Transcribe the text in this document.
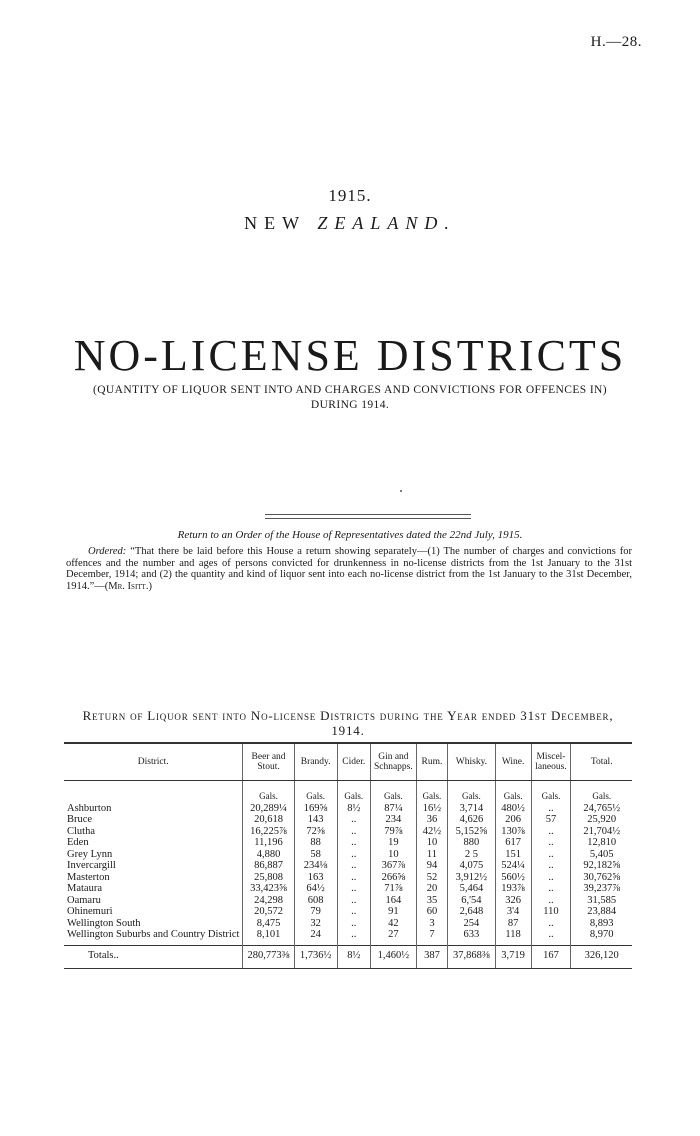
H.—28.
1915.
NEW ZEALAND.
NO-LICENSE DISTRICTS
(QUANTITY OF LIQUOR SENT INTO AND CHARGES AND CONVICTIONS FOR OFFENCES IN)
DURING 1914.
Return to an Order of the House of Representatives dated the 22nd July, 1915.
Ordered: “That there be laid before this House a return showing separately—(1) The number of charges and convictions for offences and the number and ages of persons convicted for drunkenness in no-license districts from the 1st January to the 31st December, 1914; and (2) the quantity and kind of liquor sent into each no-license district from the 1st January to the 31st December, 1914.”—(Mr. Isitt.)
Return of Liquor sent into No-license Districts during the Year ended 31st December,
1914.
District.	Beer and Stout.	Brandy.	Cider.	Gin and Schnapps.	Rum.	Whisky.	Wine.	Miscel-laneous.	Total.
	Gals.	Gals.	Gals.	Gals.	Gals.	Gals.	Gals.	Gals.	Gals.
Ashburton	20,289¼	169⅝	8½	87¼	16½	3,714	480½	..	24,765½
Bruce	20,618	143	..	234	36	4,626	206	57	25,920
Clutha	16,225⅞	72⅝	..	79⅞	42½	5,152⅝	130⅞	..	21,704½
Eden	11,196	88	..	19	10	880	617	..	12,810
Grey Lynn	4,880	58	..	10	11	2 5	151	..	5,405
Invercargill	86,887	234⅛	..	367⅞	94	4,075	524¼	..	92,182⅝
Masterton	25,808	163	..	266⅝	52	3,912½	560½	..	30,762⅝
Mataura	33,423⅝	64½	..	71⅞	20	5,464	193⅞	..	39,237⅞
Oamaru	24,298	608	..	164	35	6,'54	326	..	31,585
Ohinemuri	20,572	79	..	91	60	2,648	3'4	110	23,884
Wellington South	8,475	32	..	42	3	254	87	..	8,893
Wellington Suburbs and Country District	8,101	24	..	27	7	633	118	..	8,970

Totals..	280,773⅜	1,736½	8½	1,460½	387	37,868⅜	3,719	167	326,120
